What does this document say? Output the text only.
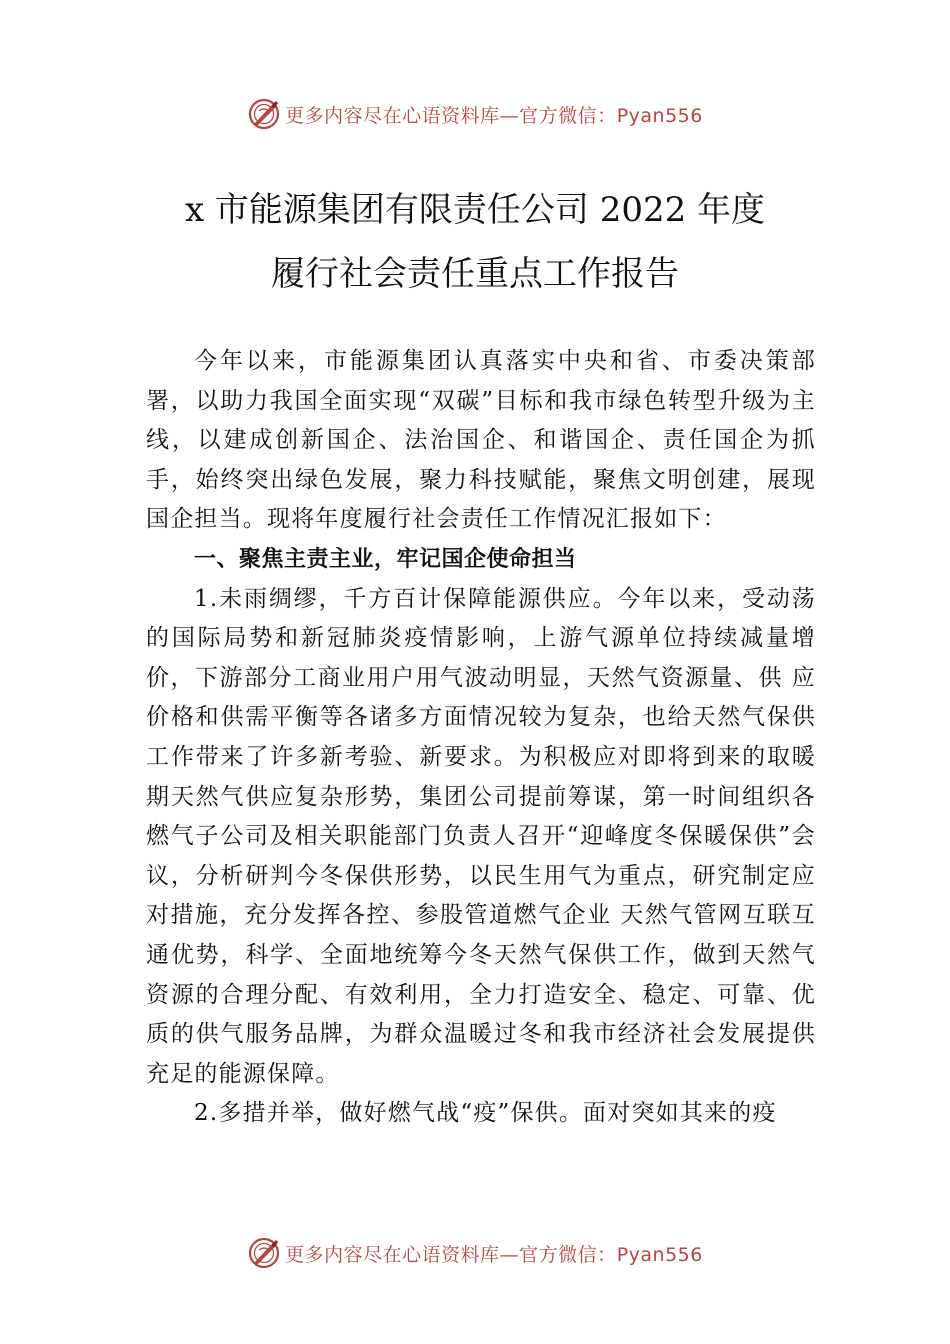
更多内容尽在心语资料库—官方微信：Pyan556
x 市能源集团有限责任公司 2022 年度
履行社会责任重点工作报告

今年以来，市能源集团认真落实中央和省、市委决策部署，以助力我国全面实现“双碳”目标和我市绿色转型升级为主线，以建成创新国企、法治国企、和谐国企、责任国企为抓手，始终突出绿色发展，聚力科技赋能，聚焦文明创建，展现国企担当。现将年度履行社会责任工作情况汇报如下：

一、聚焦主责主业，牢记国企使命担当

1.未雨绸缪，千方百计保障能源供应。今年以来，受动荡的国际局势和新冠肺炎疫情影响，上游气源单位持续减量增价，下游部分工商业用户用气波动明显，天然气资源量、供 应价格和供需平衡等各诸多方面情况较为复杂，也给天然气保供工作带来了许多新考验、新要求。为积极应对即将到来的取暖期天然气供应复杂形势，集团公司提前筹谋，第一时间组织各燃气子公司及相关职能部门负责人召开“迎峰度冬保暖保供”会议，分析研判今冬保供形势，以民生用气为重点，研究制定应对措施，充分发挥各控、参股管道燃气企业 天然气管网互联互通优势，科学、全面地统筹今冬天然气保供工作，做到天然气资源的合理分配、有效利用，全力打造安全、稳定、可靠、优质的供气服务品牌，为群众温暖过冬和我市经济社会发展提供充足的能源保障。

2.多措并举，做好燃气战“疫”保供。面对突如其来的疫

更多内容尽在心语资料库—官方微信：Pyan556
